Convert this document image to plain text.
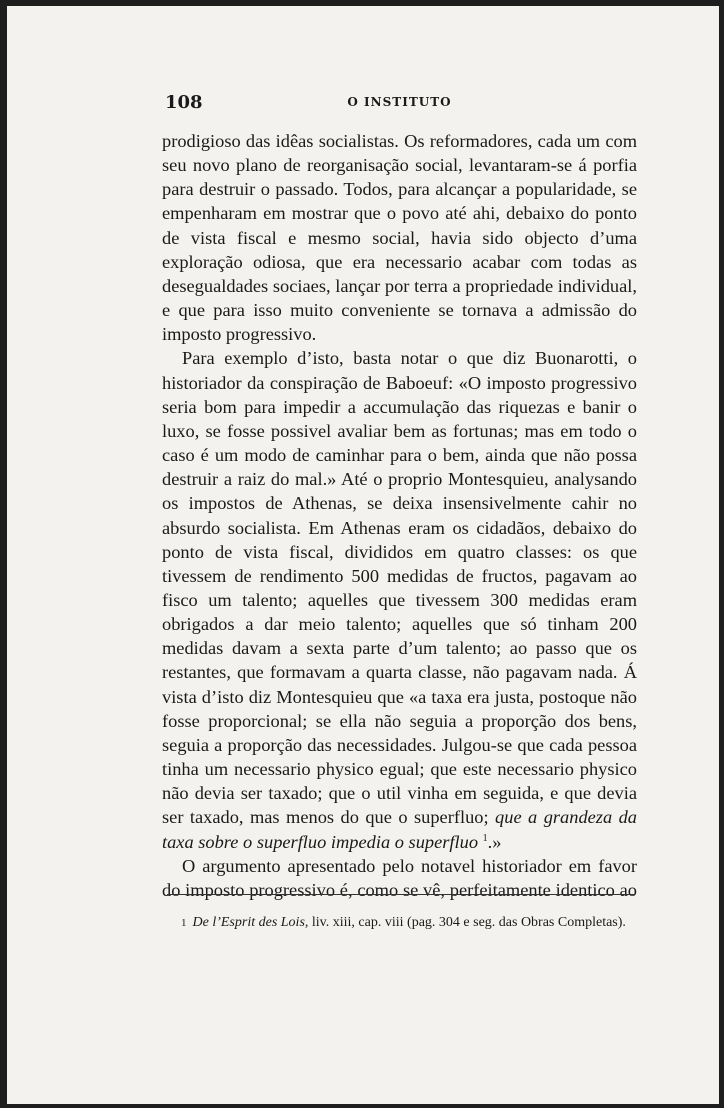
108	O INSTITUTO

prodigioso das idêas socialistas. Os reformadores, cada um com seu novo plano de reorganisação social, levantaram-se á porfia para destruir o passado. Todos, para alcançar a popularidade, se empenharam em mostrar que o povo até ahi, debaixo do ponto de vista fiscal e mesmo social, havia sido objecto d’uma exploração odiosa, que era necessario acabar com todas as desegualdades sociaes, lançar por terra a propriedade individual, e que para isso muito conveniente se tornava a admissão do imposto progressivo.

Para exemplo d’isto, basta notar o que diz Buonarotti, o historiador da conspiração de Baboeuf: «O imposto progressivo seria bom para impedir a accumulação das riquezas e banir o luxo, se fosse possivel avaliar bem as fortunas; mas em todo o caso é um modo de caminhar para o bem, ainda que não possa destruir a raiz do mal.» Até o proprio Montesquieu, analysando os impostos de Athenas, se deixa insensivelmente cahir no absurdo socialista. Em Athenas eram os cidadãos, debaixo do ponto de vista fiscal, divididos em quatro classes: os que tivessem de rendimento 500 medidas de fructos, pagavam ao fisco um talento; aquelles que tivessem 300 medidas eram obrigados a dar meio talento; aquelles que só tinham 200 medidas davam a sexta parte d’um talento; ao passo que os restantes, que formavam a quarta classe, não pagavam nada. Á vista d’isto diz Montesquieu que «a taxa era justa, postoque não fosse proporcional; se ella não seguia a proporção dos bens, seguia a proporção das necessidades. Julgou-se que cada pessoa tinha um necessario physico egual; que este necessario physico não devia ser taxado; que o util vinha em seguida, e que devia ser taxado, mas menos do que o superfluo; que a grandeza da taxa sobre o superfluo impedia o superfluo $^1$.»

O argumento apresentado pelo notavel historiador em favor do imposto progressivo é, como se vê, perfeitamente identico ao

1 De l’Esprit des Lois, liv. xiii, cap. viii (pag. 304 e seg. das Obras Completas).
